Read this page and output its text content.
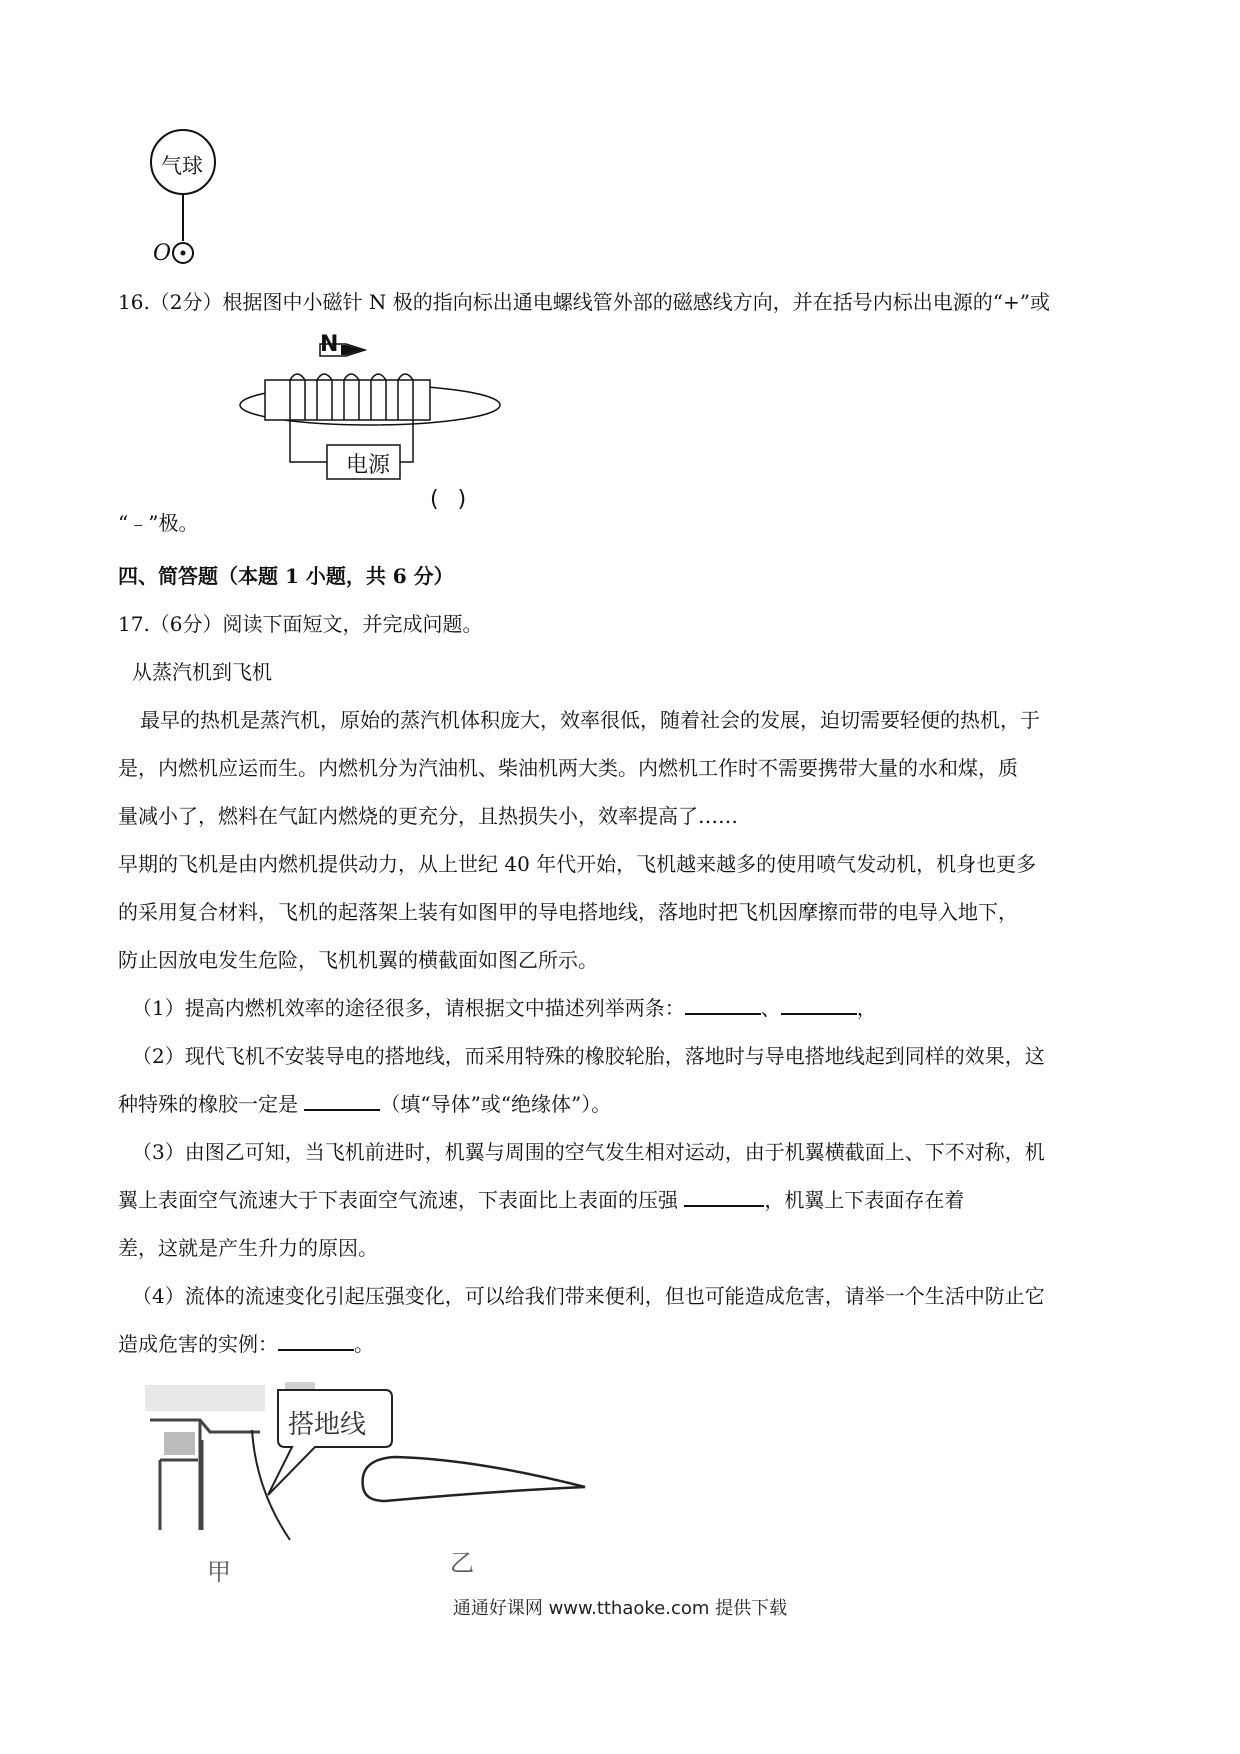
气球
O
16.（2分）根据图中小磁针 N 极的指向标出通电螺线管外部的磁感线方向，并在括号内标出电源的“+”或
N
电源
( )
“﹣”极。
四、简答题（本题 1 小题，共 6 分）
17.（6分）阅读下面短文，并完成问题。
从蒸汽机到飞机
最早的热机是蒸汽机，原始的蒸汽机体积庞大，效率很低，随着社会的发展，迫切需要轻便的热机，于
是，内燃机应运而生。内燃机分为汽油机、柴油机两大类。内燃机工作时不需要携带大量的水和煤，质
量减小了，燃料在气缸内燃烧的更充分，且热损失小，效率提高了……
早期的飞机是由内燃机提供动力，从上世纪 40 年代开始，飞机越来越多的使用喷气发动机，机身也更多
的采用复合材料，飞机的起落架上装有如图甲的导电搭地线，落地时把飞机因摩擦而带的电导入地下，
防止因放电发生危险，飞机机翼的横截面如图乙所示。
（1）提高内燃机效率的途径很多，请根据文中描述列举两条：	、	，
（2）现代飞机不安装导电的搭地线，而采用特殊的橡胶轮胎，落地时与导电搭地线起到同样的效果，这
种特殊的橡胶一定是	（填“导体”或“绝缘体”）。
（3）由图乙可知，当飞机前进时，机翼与周围的空气发生相对运动，由于机翼横截面上、下不对称，机
翼上表面空气流速大于下表面空气流速，下表面比上表面的压强	，机翼上下表面存在着
差，这就是产生升力的原因。
（4）流体的流速变化引起压强变化，可以给我们带来便利，但也可能造成危害，请举一个生活中防止它
造成危害的实例：	。
搭地线
甲	乙
通通好课网 www.tthaoke.com 提供下载
